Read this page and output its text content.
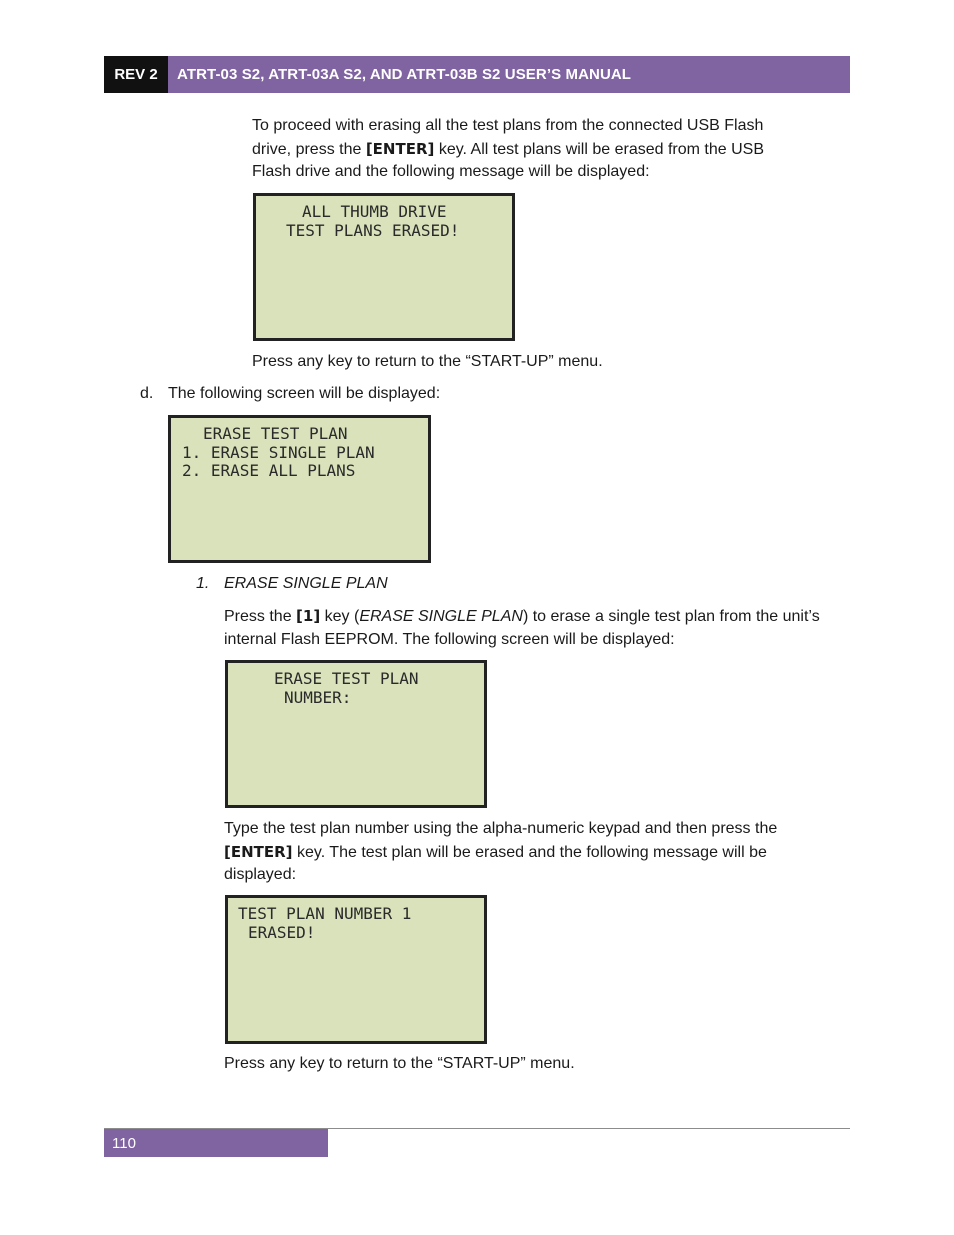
REV 2	ATRT-03 S2, ATRT-03A S2, AND ATRT-03B S2 USER’S MANUAL
To proceed with erasing all the test plans from the connected USB Flash
drive, press the [ENTER] key. All test plans will be erased from the USB
Flash drive and the following message will be displayed:
ALL THUMB DRIVE
TEST PLANS ERASED!

Press any key to return to the “START-UP” menu.

d. The following screen will be displayed:
ERASE TEST PLAN
1. ERASE SINGLE PLAN
2. ERASE ALL PLANS
1. ERASE SINGLE PLAN
Press the [1] key (ERASE SINGLE PLAN) to erase a single test plan from the unit’s
internal Flash EEPROM. The following screen will be displayed:
ERASE TEST PLAN
NUMBER:
Type the test plan number using the alpha-numeric keypad and then press the
[ENTER] key. The test plan will be erased and the following message will be
displayed:
TEST PLAN NUMBER 1
ERASED!

Press any key to return to the “START-UP” menu.

110
